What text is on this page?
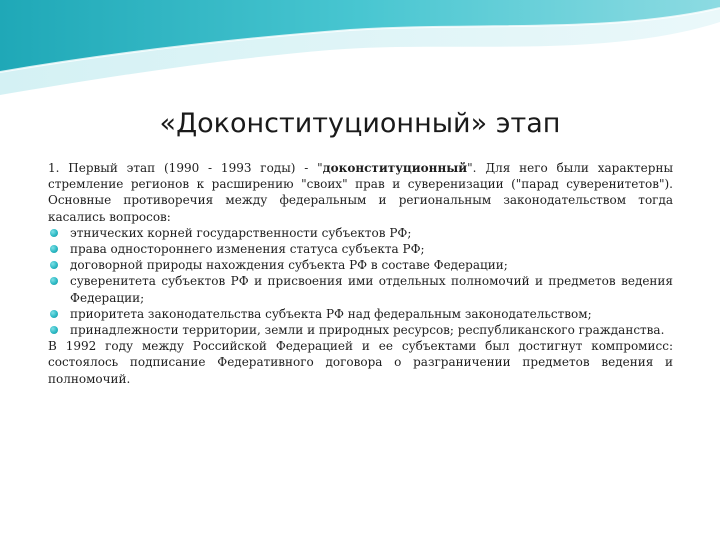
«Доконституционный» этап

1. Первый этап (1990 - 1993 годы) - "доконституционный". Для него были характерны стремление регионов к расширению "своих" прав и суверенизации ("парад суверенитетов"). Основные противоречия между федеральным и региональным законодательством тогда касались вопросов:

этнических корней государственности субъектов РФ;
права одностороннего изменения статуса субъекта РФ;
договорной природы нахождения субъекта РФ в составе Федерации;
суверенитета субъектов РФ и присвоения ими отдельных полномочий и предметов ведения Федерации;
приоритета законодательства субъекта РФ над федеральным законодательством;
принадлежности территории, земли и природных ресурсов; республиканского гражданства.

В 1992 году между Российской Федерацией и ее субъектами был достигнут компромисс: состоялось подписание Федеративного договора о разграничении предметов ведения и полномочий.
